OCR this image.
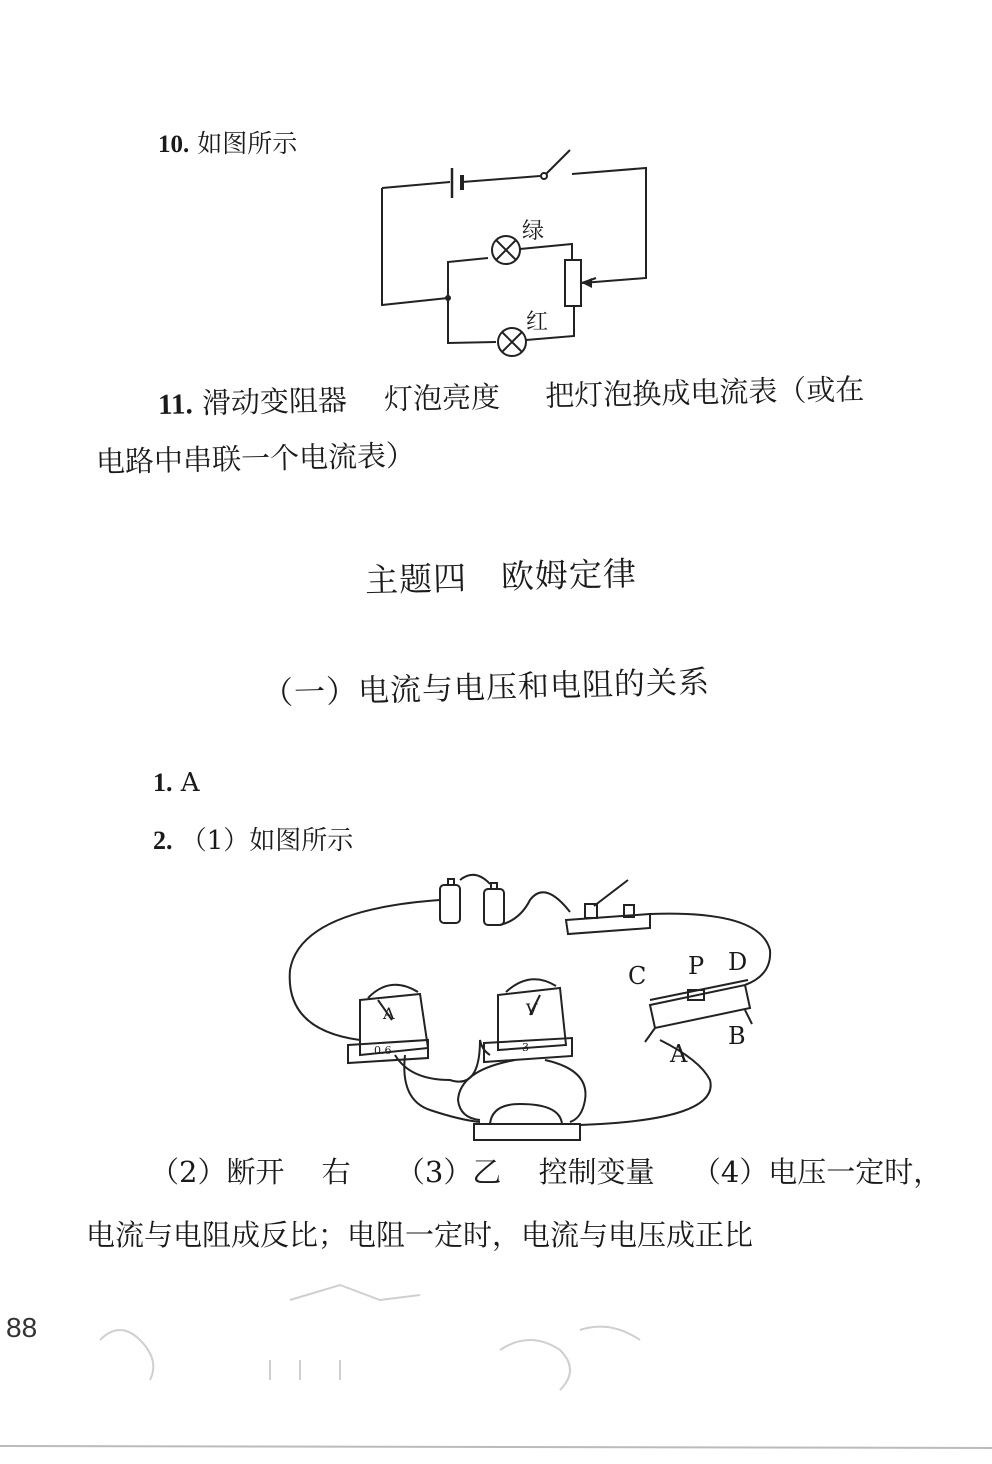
10. 如图所示
绿
红
11. 滑动变阻器 灯泡亮度 把灯泡换成电流表（或在
电路中串联一个电流表）
主题四　欧姆定律
（一）电流与电压和电阻的关系
1. A
2. （1）如图所示
C P D
A
B
A	V
0.6	3
（2）断开 右 （3）乙 控制变量 （4）电压一定时，
电流与电阻成反比；电阻一定时，电流与电压成正比
88
